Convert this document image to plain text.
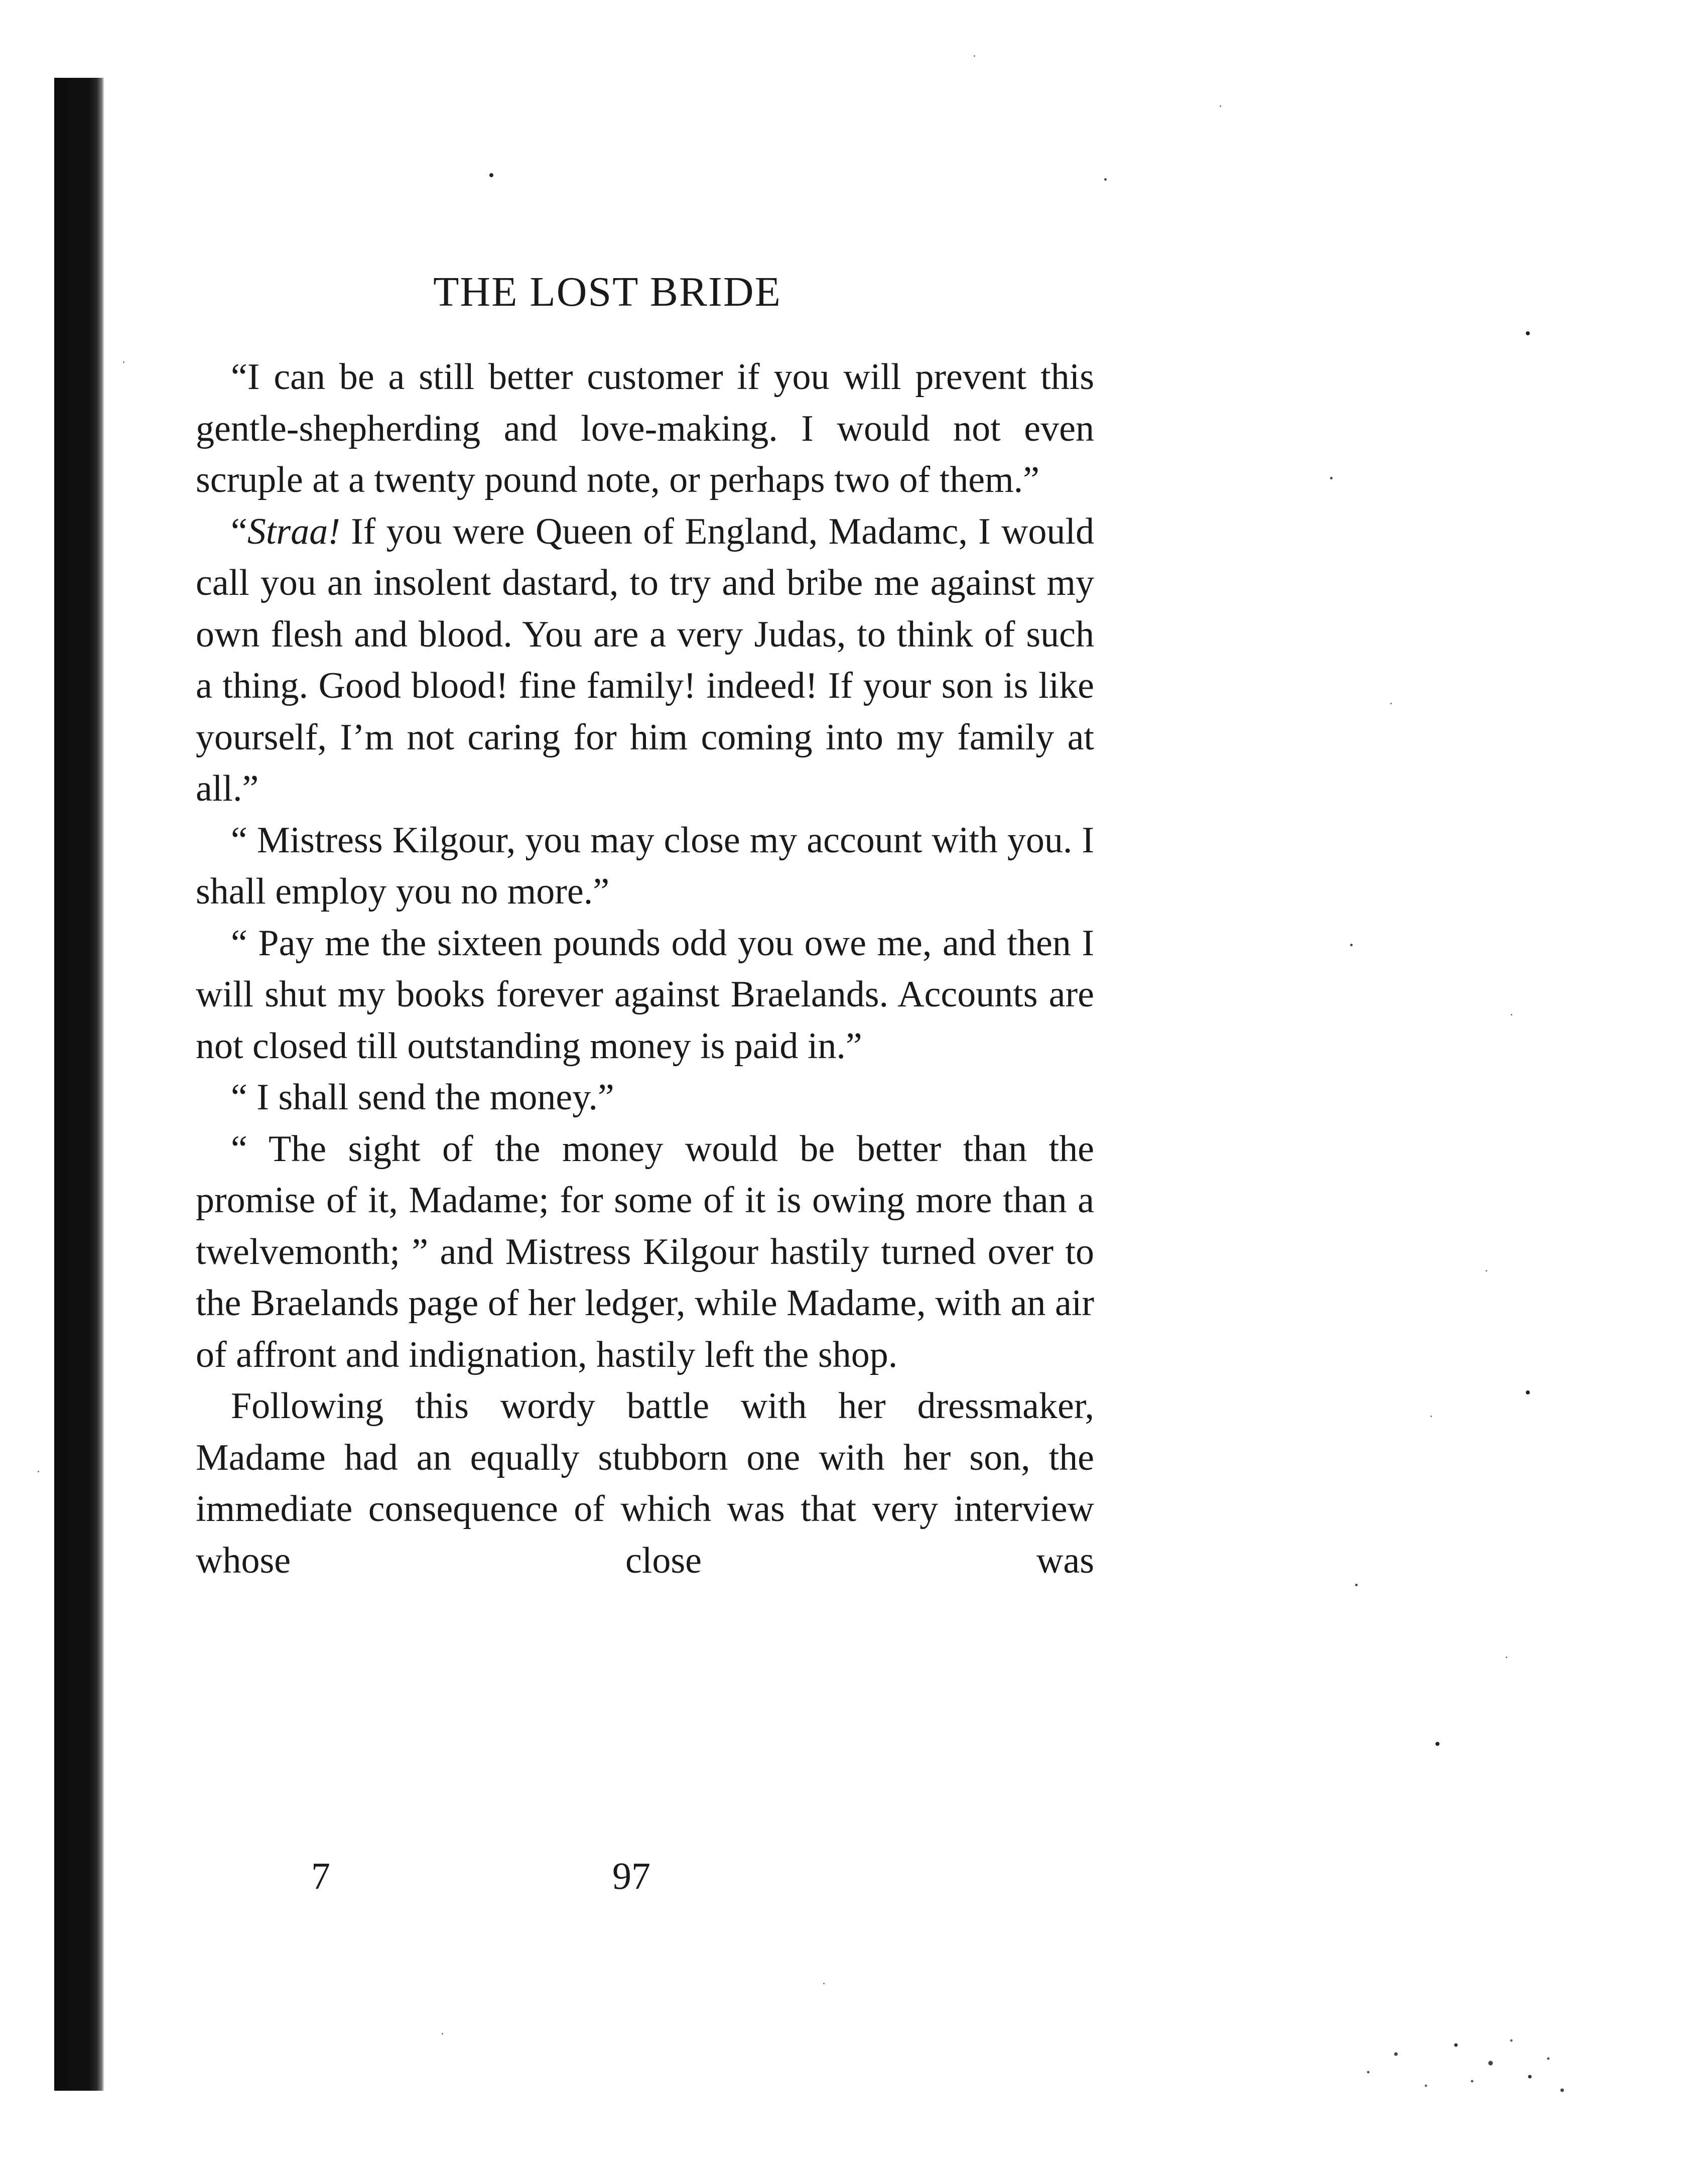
THE LOST BRIDE

“I can be a still better customer if you will prevent this gentle-shepherding and love-making. I would not even scruple at a twenty pound note, or perhaps two of them.”

“Straa! If you were Queen of England, Madamc, I would call you an insolent dastard, to try and bribe me against my own flesh and blood. You are a very Judas, to think of such a thing. Good blood! fine family! indeed! If your son is like yourself, I’m not caring for him coming into my family at all.”

“ Mistress Kilgour, you may close my account with you. I shall employ you no more.”

“ Pay me the sixteen pounds odd you owe me, and then I will shut my books forever against Braelands. Accounts are not closed till outstanding money is paid in.”

“ I shall send the money.”

“ The sight of the money would be better than the promise of it, Madame; for some of it is owing more than a twelvemonth; ” and Mistress Kilgour hastily turned over to the Braelands page of her ledger, while Madame, with an air of affront and indignation, hastily left the shop.

Following this wordy battle with her dressmaker, Madame had an equally stubborn one with her son, the immediate consequence of which was that very interview whose close was

7	97
